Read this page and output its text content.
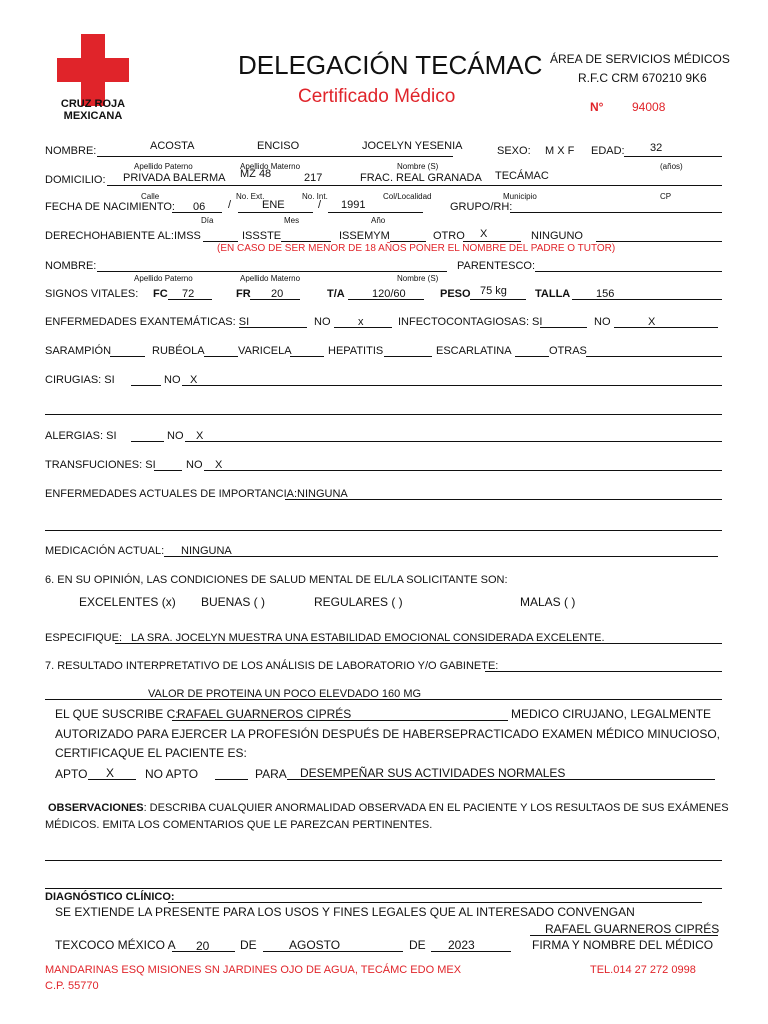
CRUZ ROJA
MEXICANA
DELEGACIÓN TECÁMAC
Certificado Médico
ÁREA DE SERVICIOS MÉDICOS
R.F.C CRM 670210 9K6
N° 94008
NOMBRE:	ACOSTA	ENCISO	JOCELYN YESENIA	SEXO: M X F EDAD: 32
Apellido Paterno	Apellido Materno	Nombre (S)	(años)
DOMICILIO: PRIVADA BALERMA MZ 48	217	FRAC. REAL GRANADA TECÁMAC
Calle	No. Ext.	No. Int.	Col/Localidad	Municipio	CP
FECHA DE NACIMIENTO: 06 /	ENE	/ 1991	GRUPO/RH:
Día	Mes	Año
DERECHOHABIENTE AL: IMSS	ISSSTE	ISSEMYM	OTRO X	NINGUNO
(EN CASO DE SER MENOR DE 18 AÑOS PONER EL NOMBRE DEL PADRE O TUTOR)
NOMBRE:	PARENTESCO:
Apellido Paterno	Apellido Materno	Nombre (S)
SIGNOS VITALES: FC 72	FR 20	T/A 120/60	PESO 75 kg	TALLA 156
ENFERMEDADES EXANTEMÁTICAS: SI	NO	x	INFECTOCONTAGIOSAS: SI	NO	X
SARAMPIÓN	RUBÉOLA	VARICELA	HEPATITIS	ESCARLATINA	OTRAS
CIRUGIAS: SI	NO X
ALERGIAS: SI	NO X
TRANSFUCIONES: SI	NO X
ENFERMEDADES ACTUALES DE IMPORTANCIA: NINGUNA
MEDICACIÓN ACTUAL: NINGUNA
6. EN SU OPINIÓN, LAS CONDICIONES DE SALUD MENTAL DE EL/LA SOLICITANTE SON:
EXCELENTES (x) BUENAS ( )	REGULARES ( )	MALAS ( )
ESPECIFIQUE: LA SRA. JOCELYN MUESTRA UNA ESTABILIDAD EMOCIONAL CONSIDERADA EXCELENTE.
7. RESULTADO INTERPRETATIVO DE LOS ANÁLISIS DE LABORATORIO Y/O GABINETE:
VALOR DE PROTEINA UN POCO ELEVDADO 160 MG
EL QUE SUSCRIBE C:
RAFAEL GUARNEROS CIPRÉS	MEDICO CIRUJANO, LEGALMENTE
AUTORIZADO PARA EJERCER LA PROFESIÓN DESPUÉS DE HABERSEPRACTICADO EXAMEN MÉDICO MINUCIOSO,
CERTIFICAQUE EL PACIENTE ES:
APTO X	NO APTO	PARA DESEMPEÑAR SUS ACTIVIDADES NORMALES
OBSERVACIONES: DESCRIBA CUALQUIER ANORMALIDAD OBSERVADA EN EL PACIENTE Y LOS RESULTAOS DE SUS EXÁMENES
MÉDICOS. EMITA LOS COMENTARIOS QUE LE PAREZCAN PERTINENTES.
DIAGNÓSTICO CLÍNICO:
SE EXTIENDE LA PRESENTE PARA LOS USOS Y FINES LEGALES QUE AL INTERESADO CONVENGAN
RAFAEL GUARNEROS CIPRÉS
TEXCOCO MÉXICO A 20	DE	AGOSTO	DE 2023	FIRMA Y NOMBRE DEL MÉDICO
MANDARINAS ESQ MISIONES SN JARDINES OJO DE AGUA, TECÁMC EDO MEX
C.P. 55770
TEL.014 27 272 0998
